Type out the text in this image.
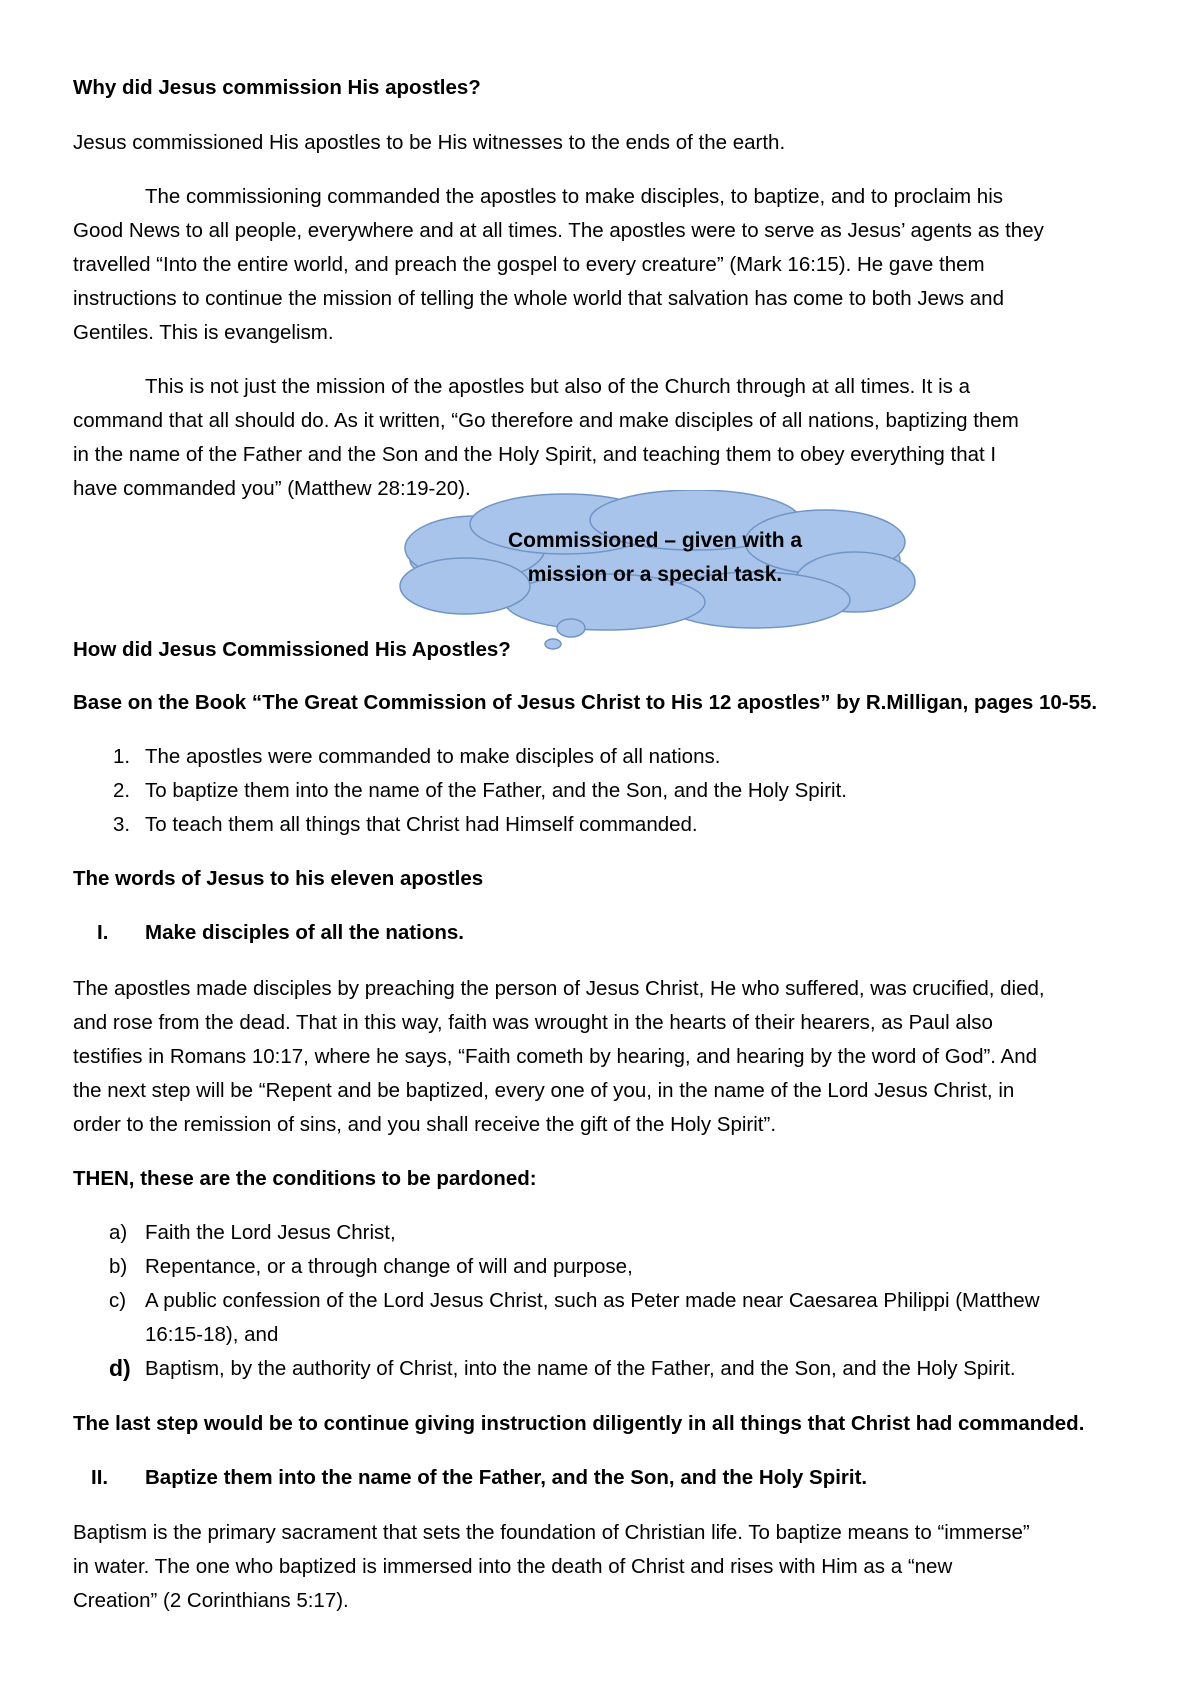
Why did Jesus commission His apostles?
Jesus commissioned His apostles to be His witnesses to the ends of the earth.
The commissioning commanded the apostles to make disciples, to baptize, and to proclaim his
Good News to all people, everywhere and at all times. The apostles were to serve as Jesus’ agents as they
travelled “Into the entire world, and preach the gospel to every creature” (Mark 16:15). He gave them
instructions to continue the mission of telling the whole world that salvation has come to both Jews and
Gentiles. This is evangelism.
This is not just the mission of the apostles but also of the Church through at all times. It is a
command that all should do. As it written, “Go therefore and make disciples of all nations, baptizing them
in the name of the Father and the Son and the Holy Spirit, and teaching them to obey everything that I
have commanded you” (Matthew 28:19-20).
Commissioned – given with a
mission or a special task.
How did Jesus Commissioned His Apostles?
Base on the Book “The Great Commission of Jesus Christ to His 12 apostles” by R.Milligan, pages 10-55.
1. The apostles were commanded to make disciples of all nations.
2. To baptize them into the name of the Father, and the Son, and the Holy Spirit.
3. To teach them all things that Christ had Himself commanded.
The words of Jesus to his eleven apostles
I. Make disciples of all the nations.
The apostles made disciples by preaching the person of Jesus Christ, He who suffered, was crucified, died,
and rose from the dead. That in this way, faith was wrought in the hearts of their hearers, as Paul also
testifies in Romans 10:17, where he says, “Faith cometh by hearing, and hearing by the word of God”. And
the next step will be “Repent and be baptized, every one of you, in the name of the Lord Jesus Christ, in
order to the remission of sins, and you shall receive the gift of the Holy Spirit”.
THEN, these are the conditions to be pardoned:
a) Faith the Lord Jesus Christ,
b) Repentance, or a through change of will and purpose,
c) A public confession of the Lord Jesus Christ, such as Peter made near Caesarea Philippi (Matthew
16:15-18), and
d) Baptism, by the authority of Christ, into the name of the Father, and the Son, and the Holy Spirit.
The last step would be to continue giving instruction diligently in all things that Christ had commanded.
II. Baptize them into the name of the Father, and the Son, and the Holy Spirit.
Baptism is the primary sacrament that sets the foundation of Christian life. To baptize means to “immerse”
in water. The one who baptized is immersed into the death of Christ and rises with Him as a “new
Creation” (2 Corinthians 5:17).
